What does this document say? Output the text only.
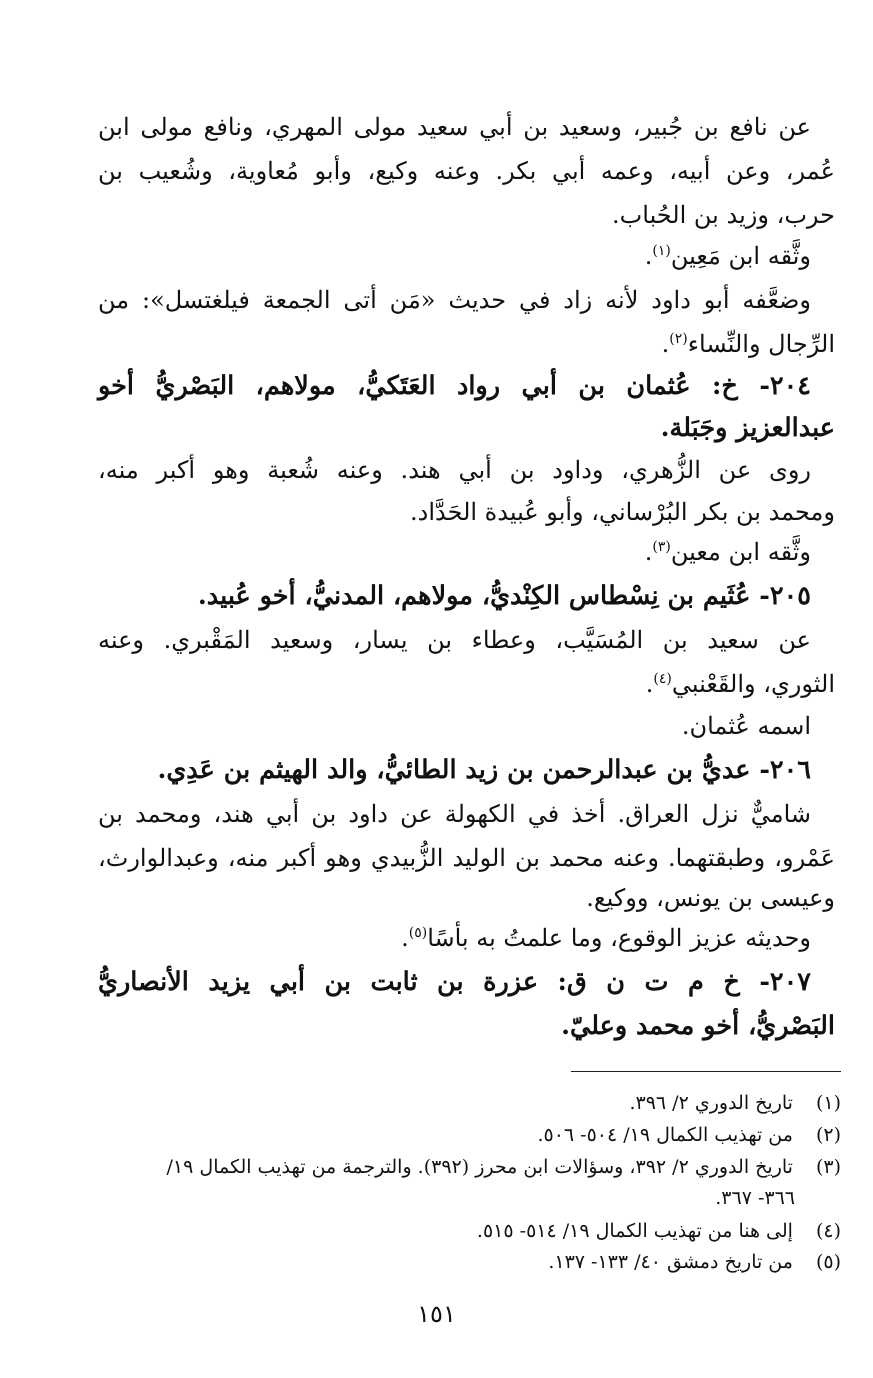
عن نافع بن جُبير، وسعيد بن أبي سعيد مولى المهري، ونافع مولى ابن
عُمر، وعن أبيه، وعمه أبي بكر. وعنه وكيع، وأبو مُعاوية، وشُعيب بن
حرب، وزيد بن الحُباب.
وثَّقه ابن مَعِين$^{(١)}$.
وضعَّفه أبو داود لأنه زاد في حديث «مَن أتى الجمعة فيلغتسل»: من
الرِّجال والنِّساء$^{(٢)}$.
٢٠٤- خ: عُثمان بن أبي رواد العَتَكيُّ، مولاهم، البَصْريُّ أخو
عبدالعزيز وجَبَلة.
روى عن الزُّهري، وداود بن أبي هند. وعنه شُعبة وهو أكبر منه،
ومحمد بن بكر البُرْساني، وأبو عُبيدة الحَدَّاد.
وثَّقه ابن معين$^{(٣)}$.
٢٠٥- عُثَيم بن نِسْطاس الكِنْديُّ، مولاهم، المدنيُّ، أخو عُبيد.
عن سعيد بن المُسَيَّب، وعطاء بن يسار، وسعيد المَقْبري. وعنه
الثوري، والقَعْنبي$^{(٤)}$.
اسمه عُثمان.
٢٠٦- عديُّ بن عبدالرحمن بن زيد الطائيُّ، والد الهيثم بن عَدِي.
شاميٌّ نزل العراق. أخذ في الكهولة عن داود بن أبي هند، ومحمد بن
عَمْرو، وطبقتهما. وعنه محمد بن الوليد الزُّبيدي وهو أكبر منه، وعبدالوارث،
وعيسى بن يونس، ووكيع.
وحديثه عزيز الوقوع، وما علمتُ به بأسًا$^{(٥)}$.
٢٠٧- خ م ت ن ق: عزرة بن ثابت بن أبي يزيد الأنصاريُّ
البَصْريُّ، أخو محمد وعليّ.
(١) تاريخ الدوري ٢/ ٣٩٦.
(٢) من تهذيب الكمال ١٩/ ٥٠٤- ٥٠٦.
(٣) تاريخ الدوري ٢/ ٣٩٢، وسؤالات ابن محرز (٣٩٢). والترجمة من تهذيب الكمال ١٩/
٣٦٦- ٣٦٧.
(٤) إلى هنا من تهذيب الكمال ١٩/ ٥١٤- ٥١٥.
(٥) من تاريخ دمشق ٤٠/ ١٣٣- ١٣٧.
١٥١
